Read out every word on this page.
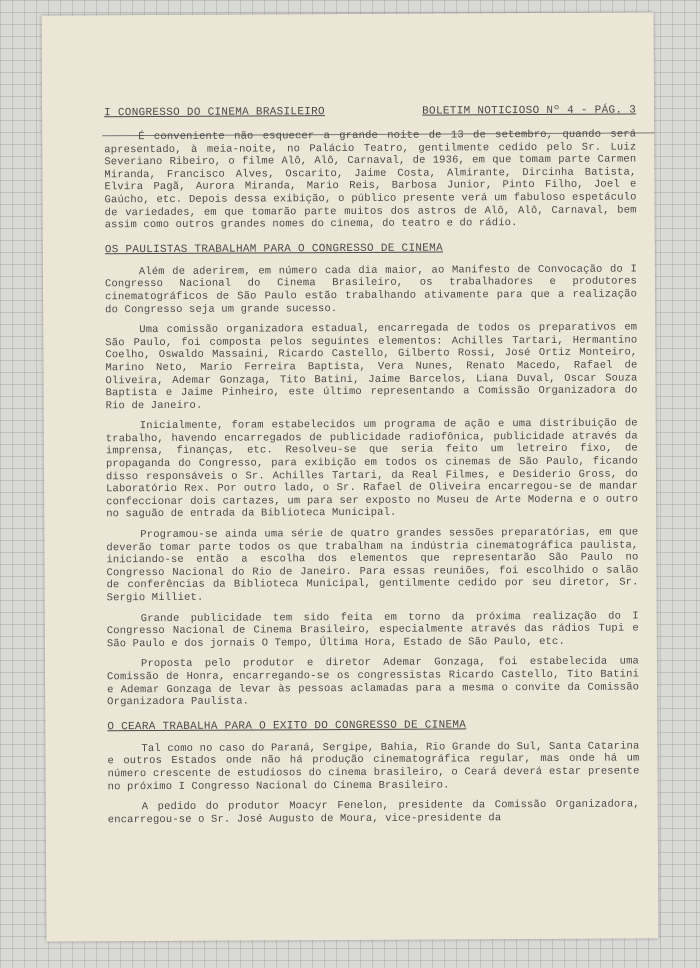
I CONGRESSO DO CINEMA BRASILEIRO	BOLETIM NOTICIOSO Nº 4 - PÁG. 3

É conveniente não esquecer a grande noite de 13 de setembro, quando será apresentado, à meia-noite, no Palácio Teatro, gentilmente cedido pelo Sr. Luiz Severiano Ribeiro, o filme Alô, Alô, Carnaval, de 1936, em que tomam parte Carmen Miranda, Francisco Alves, Oscarito, Jaime Costa, Almirante, Dircinha Batista, Elvira Pagã, Aurora Miranda, Mario Reis, Barbosa Junior, Pinto Filho, Joel e Gaúcho, etc. Depois dessa exibição, o público presente verá um fabuloso espetáculo de variedades, em que tomarão parte muitos dos astros de Alô, Alô, Carnaval, bem assim como outros grandes nomes do cinema, do teatro e do rádio.

OS PAULISTAS TRABALHAM PARA O CONGRESSO DE CINEMA

Além de aderirem, em número cada dia maior, ao Manifesto de Convocação do I Congresso Nacional do Cinema Brasileiro, os trabalhadores e produtores cinematográficos de São Paulo estão trabalhando ativamente para que a realização do Congresso seja um grande sucesso.

Uma comissão organizadora estadual, encarregada de todos os preparativos em São Paulo, foi composta pelos seguintes elementos: Achilles Tartari, Hermantino Coelho, Oswaldo Massaini, Ricardo Castello, Gilberto Rossi, José Ortiz Monteiro, Marino Neto, Mario Ferreira Baptista, Vera Nunes, Renato Macedo, Rafael de Oliveira, Ademar Gonzaga, Tito Batini, Jaime Barcelos, Liana Duval, Oscar Souza Baptista e Jaime Pinheiro, este último representando a Comissão Organizadora do Rio de Janeiro.

Inicialmente, foram estabelecidos um programa de ação e uma distribuição de trabalho, havendo encarregados de publicidade radiofônica, publicidade através da imprensa, finanças, etc. Resolveu-se que seria feito um letreiro fixo, de propaganda do Congresso, para exibição em todos os cinemas de São Paulo, ficando disso responsáveis o Sr. Achilles Tartari, da Real Filmes, e Desiderio Gross, do Laboratório Rex. Por outro lado, o Sr. Rafael de Oliveira encarregou-se de mandar confeccionar dois cartazes, um para ser exposto no Museu de Arte Moderna e o outro no saguão de entrada da Biblioteca Municipal.

Programou-se ainda uma série de quatro grandes sessões preparatórias, em que deverão tomar parte todos os que trabalham na indústria cinematográfica paulista, iniciando-se então a escolha dos elementos que representarão São Paulo no Congresso Nacional do Rio de Janeiro. Para essas reuniões, foi escolhido o salão de conferências da Biblioteca Municipal, gentilmente cedido por seu diretor, Sr. Sergio Milliet.

Grande publicidade tem sido feita em torno da próxima realização do I Congresso Nacional de Cinema Brasileiro, especialmente através das rádios Tupi e São Paulo e dos jornais O Tempo, Última Hora, Estado de São Paulo, etc.

Proposta pelo produtor e diretor Ademar Gonzaga, foi estabelecida uma Comissão de Honra, encarregando-se os congressistas Ricardo Castello, Tito Batini e Ademar Gonzaga de levar às pessoas aclamadas para a mesma o convite da Comissão Organizadora Paulista.

O CEARÁ TRABALHA PARA O ÊXITO DO CONGRESSO DE CINEMA

Tal como no caso do Paraná, Sergipe, Bahia, Rio Grande do Sul, Santa Catarina e outros Estados onde não há produção cinematográfica regular, mas onde há um número crescente de estudiosos do cinema brasileiro, o Ceará deverá estar presente no próximo I Congresso Nacional do Cinema Brasileiro.

A pedido do produtor Moacyr Fenelon, presidente da Comissão Organizadora, encarregou-se o Sr. José Augusto de Moura, vice-presidente da
